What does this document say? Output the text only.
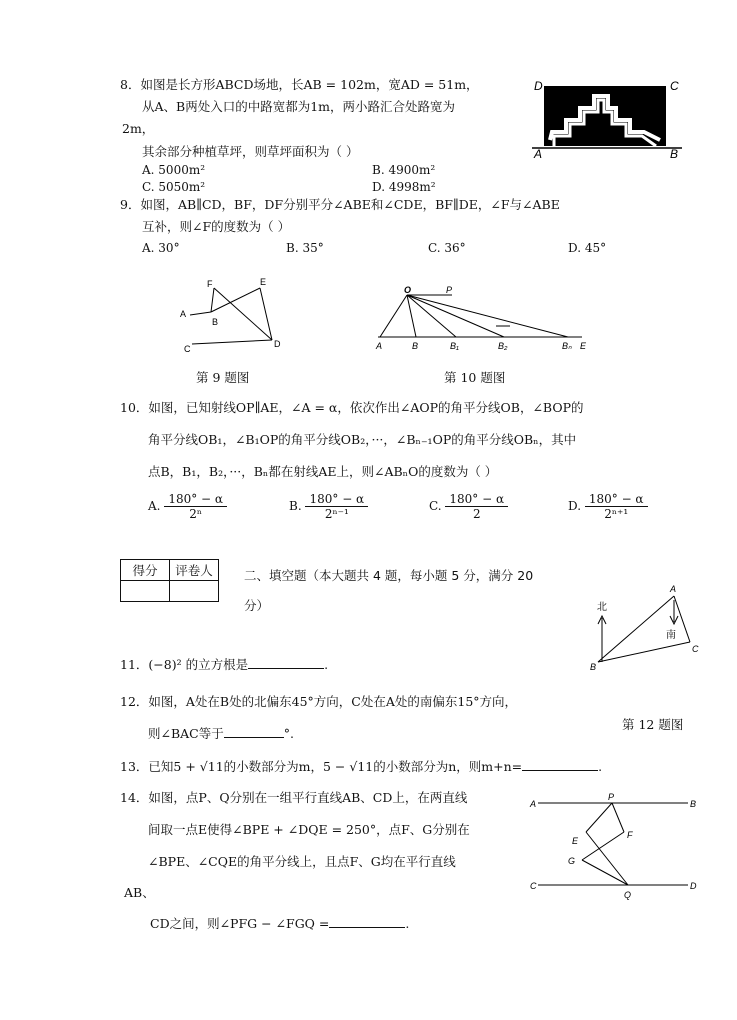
8．如图是长方形ABCD场地，长AB = 102m，宽AD = 51m，
从A、B两处入口的中路宽都为1m，两小路汇合处路宽为
2m，
其余部分种植草坪，则草坪面积为（ ）
A. 5000m²	B. 4900m²
C. 5050m²	D. 4998m²
D	C
A	B
9．如图，AB∥CD，BF，DF分别平分∠ABE和∠CDE，BF∥DE，∠F与∠ABE
互补，则∠F的度数为（ ）
A. 30°	B. 35°	C. 36°	D. 45°
F	E
A
B
C	D
第 9 题图
O	P
A	B	B₁	B₂	Bₙ E
第 10 题图
10．如图，已知射线OP∥AE，∠A = α，依次作出∠AOP的角平分线OB，∠BOP的
角平分线OB₁，∠B₁OP的角平分线OB₂，···，∠Bₙ₋₁OP的角平分线OBₙ，其中
点B，B₁，B₂，···，Bₙ都在射线AE上，则∠ABₙO的度数为（ ）
A. $\frac{180^\circ - \alpha}{\text{2ⁿ}}$	B. $\frac{180^\circ - \alpha}{\text{2ⁿ⁻¹}}$	C. $\frac{180^\circ - \alpha}{2}$	D. $\frac{180^\circ - \alpha}{\text{2ⁿ⁺¹}}$
得分	评卷人
		二、填空题（本大题共 4 题，每小题 5 分，满分 20
分）	北
南
A
B
C
11．(−8)² 的立方根是	.
12．如图，A处在B处的北偏东45°方向，C处在A处的南偏东15°方向，
第 12 题图
则∠BAC等于	°.
13．已知5 + √11的小数部分为m，5 − √11的小数部分为n，则m+n=	.
14．如图，点P、Q分别在一组平行直线AB、CD上，在两直线
间取一点E使得∠BPE + ∠DQE = 250°，点F、G分别在
∠BPE、∠CQE的角平分线上，且点F、G均在平行直线
AB、
CD之间，则∠PFG − ∠FGQ =	.
A
P
B
E
F
G
C
Q
D
